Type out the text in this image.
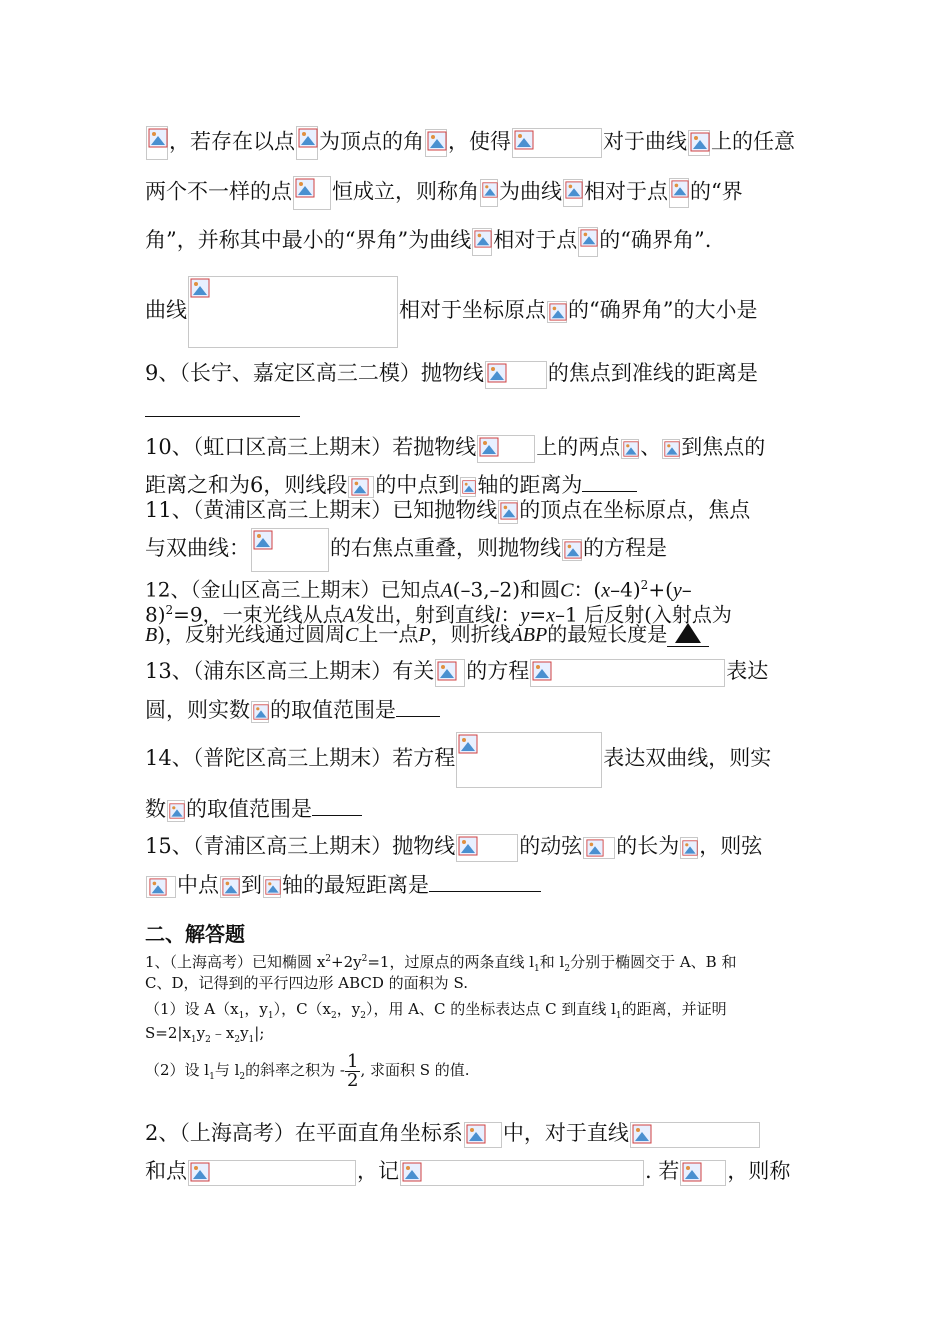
，若存在以点 为顶点的角 ，使得	对于曲线 上的任意
两个不一样的点 恒成立，则称角 为曲线 相对于点 的“界
角”，并称其中最小的“界角”为曲线 相对于点 的“确界角”.
曲线	相对于坐标原点 的“确界角”的大小是
9、（长宁、嘉定区高三二模）抛物线	的焦点到准线的距离是
10、（虹口区高三上期末）若抛物线	上的两点 、 到焦点的
距离之和为6，则线段 的中点到 轴的距离为
11、（黄浦区高三上期末）已知抛物线 的顶点在坐标原点，焦点
与双曲线：	的右焦点重叠，则抛物线 的方程是
12、（金山区高三上期末）已知点A(–3,–2)和圆C：$(x-4)^2+(y-$
8)$^2$=9，一束光线从点A发出，射到直线l：y=x–1 后反射(入射点为
B)，反射光线通过圆周C上一点P，则折线ABP的最短长度是
13、（浦东区高三上期末）有关 的方程	表达
圆，则实数 的取值范围是
14、（普陀区高三上期末）若方程	表达双曲线，则实
数 的取值范围是
15、（青浦区高三上期末）抛物线	的动弦 的长为 ，则弦
中点 到 轴的最短距离是
二、解答题
1、（上海高考）已知椭圆 $x^2+2y^2=1$，过原点的两条直线 $l_1$和 $l_2$分别于椭圆交于 A、B 和
C、D，记得到的平行四边形 ABCD 的面积为 S.
（1）设 $A(x_1$，$y_1$），$C(x_2$，$y_2$），用 A、C 的坐标表达点 C 到直线 $l_1$的距离，并证明
$S=2|x_1y_2﹣x_2y_1|$;
（2）设 $l_1$与 $l_2$的斜率之积为 - $\frac{1}{2}$ , 求面积 S 的值.
2、（上海高考）在平面直角坐标系 中，对于直线
和点	，记	. 若 ，则称
